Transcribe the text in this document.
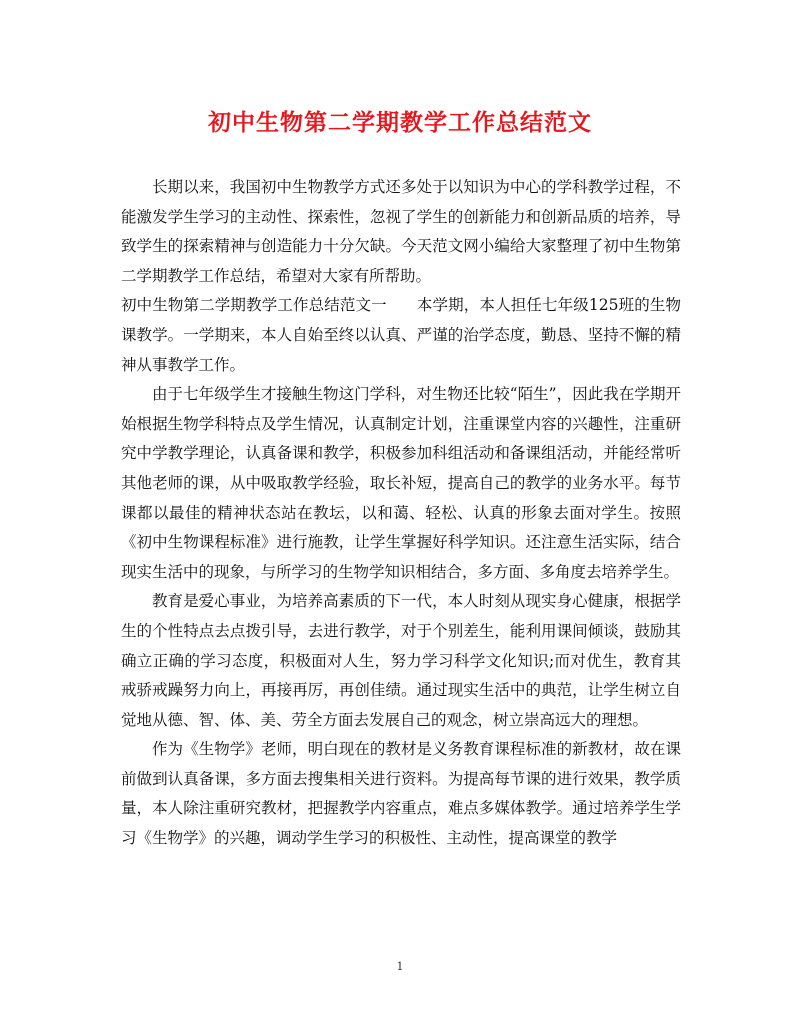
初中生物第二学期教学工作总结范文

长期以来，我国初中生物教学方式还多处于以知识为中心的学科教学过程，不能激发学生学习的主动性、探索性，忽视了学生的创新能力和创新品质的培养，导致学生的探索精神与创造能力十分欠缺。今天范文网小编给大家整理了初中生物第二学期教学工作总结，希望对大家有所帮助。

初中生物第二学期教学工作总结范文一 本学期，本人担任七年级125班的生物课教学。一学期来，本人自始至终以认真、严谨的治学态度，勤恳、坚持不懈的精神从事教学工作。

由于七年级学生才接触生物这门学科，对生物还比较“陌生”，因此我在学期开始根据生物学科特点及学生情况，认真制定计划，注重课堂内容的兴趣性，注重研究中学教学理论，认真备课和教学，积极参加科组活动和备课组活动，并能经常听其他老师的课，从中吸取教学经验，取长补短，提高自己的教学的业务水平。每节课都以最佳的精神状态站在教坛，以和蔼、轻松、认真的形象去面对学生。按照《初中生物课程标准》进行施教，让学生掌握好科学知识。还注意生活实际，结合现实生活中的现象，与所学习的生物学知识相结合，多方面、多角度去培养学生。

教育是爱心事业，为培养高素质的下一代，本人时刻从现实身心健康，根据学生的个性特点去点拨引导，去进行教学，对于个别差生，能利用课间倾谈，鼓励其确立正确的学习态度，积极面对人生，努力学习科学文化知识;而对优生，教育其戒骄戒躁努力向上，再接再厉，再创佳绩。通过现实生活中的典范，让学生树立自觉地从德、智、体、美、劳全方面去发展自己的观念，树立崇高远大的理想。

作为《生物学》老师，明白现在的教材是义务教育课程标准的新教材，故在课前做到认真备课，多方面去搜集相关进行资料。为提高每节课的进行效果，教学质量，本人除注重研究教材，把握教学内容重点，难点多媒体教学。通过培养学生学习《生物学》的兴趣，调动学生学习的积极性、主动性，提高课堂的教学

1
